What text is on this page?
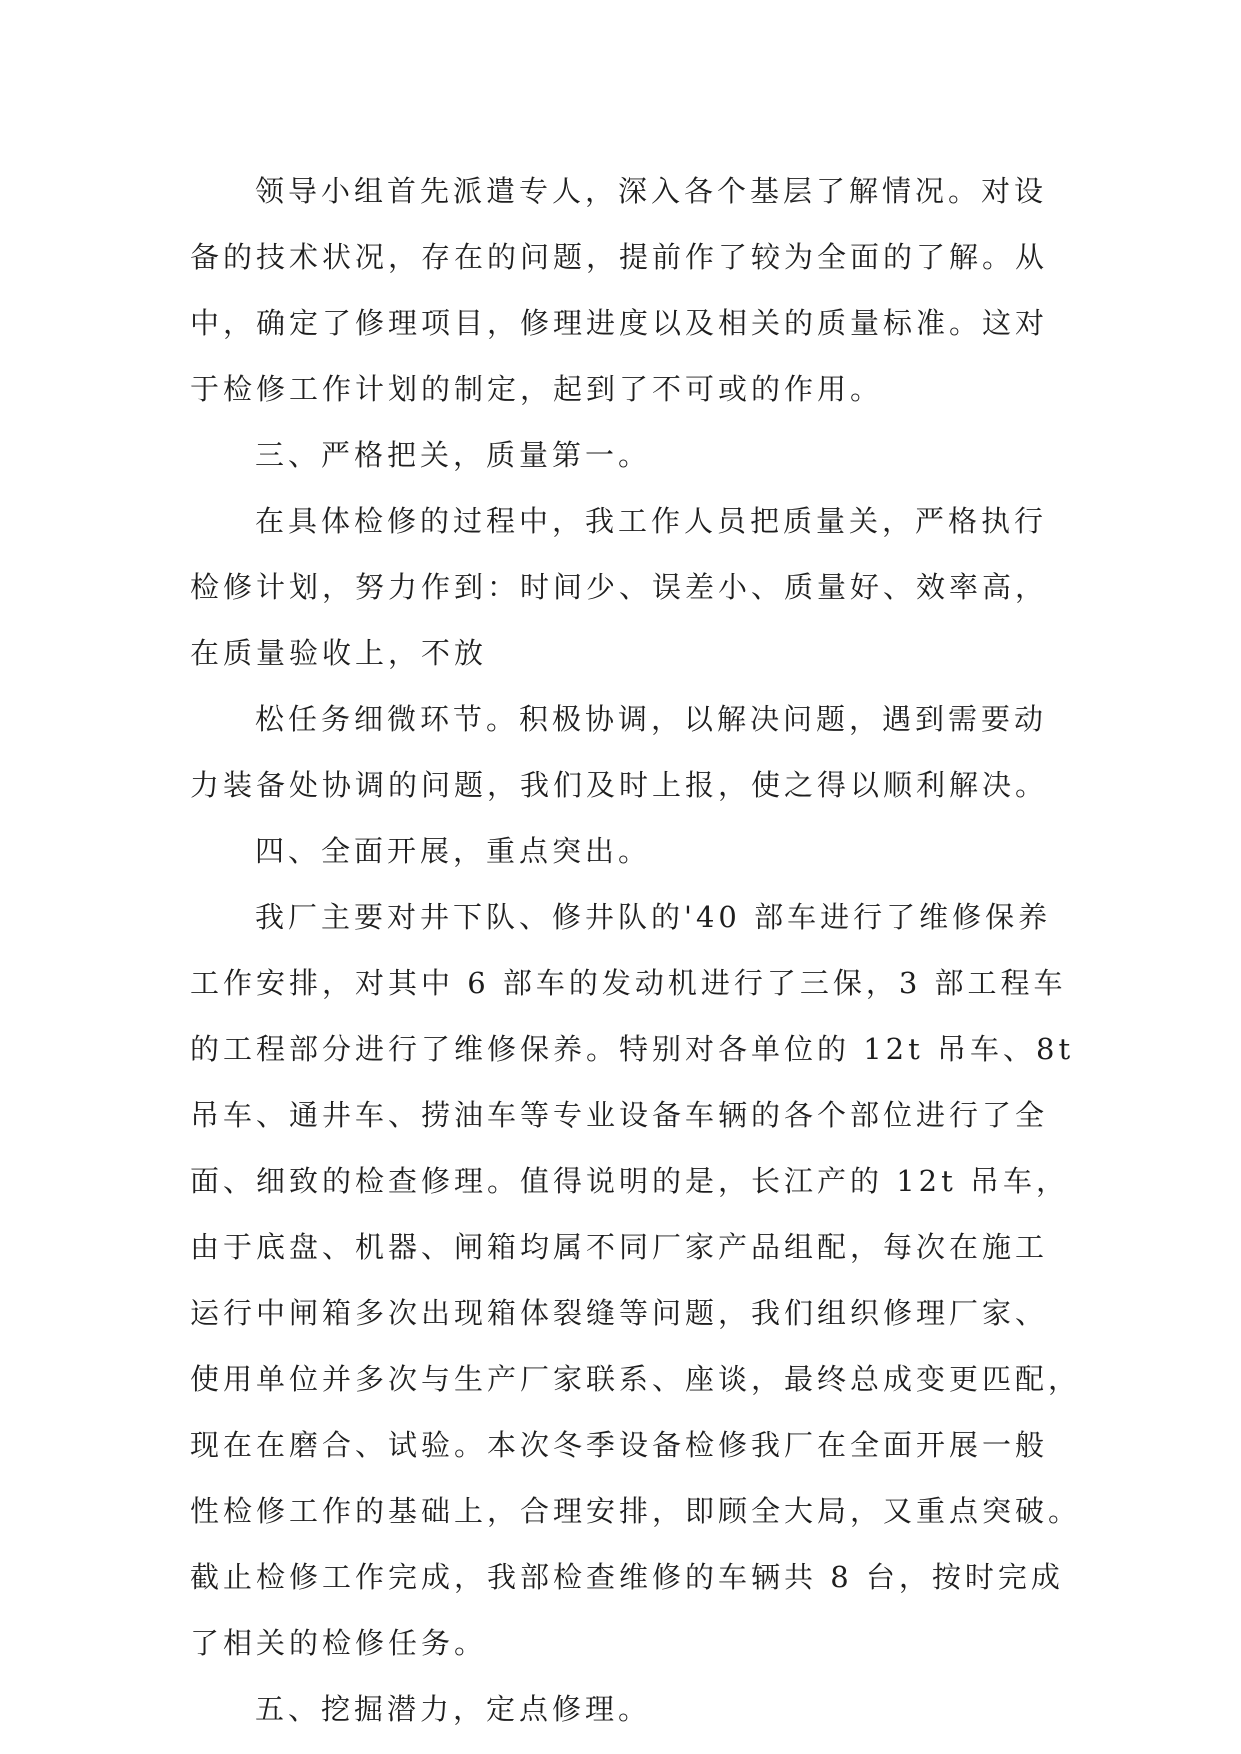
领导小组首先派遣专人，深入各个基层了解情况。对设
备的技术状况，存在的问题，提前作了较为全面的了解。从
中，确定了修理项目，修理进度以及相关的质量标准。这对
于检修工作计划的制定，起到了不可或的作用。
三、严格把关，质量第一。
在具体检修的过程中，我工作人员把质量关，严格执行
检修计划，努力作到：时间少、误差小、质量好、效率高，
在质量验收上，不放
松任务细微环节。积极协调，以解决问题，遇到需要动
力装备处协调的问题，我们及时上报，使之得以顺利解决。
四、全面开展，重点突出。
我厂主要对井下队、修井队的'40 部车进行了维修保养
工作安排，对其中 6 部车的发动机进行了三保，3 部工程车
的工程部分进行了维修保养。特别对各单位的 12t 吊车、8t
吊车、通井车、捞油车等专业设备车辆的各个部位进行了全
面、细致的检查修理。值得说明的是，长江产的 12t 吊车，
由于底盘、机器、闸箱均属不同厂家产品组配，每次在施工
运行中闸箱多次出现箱体裂缝等问题，我们组织修理厂家、
使用单位并多次与生产厂家联系、座谈，最终总成变更匹配，
现在在磨合、试验。本次冬季设备检修我厂在全面开展一般
性检修工作的基础上，合理安排，即顾全大局，又重点突破。
截止检修工作完成，我部检查维修的车辆共 8 台，按时完成
了相关的检修任务。
五、挖掘潜力，定点修理。
